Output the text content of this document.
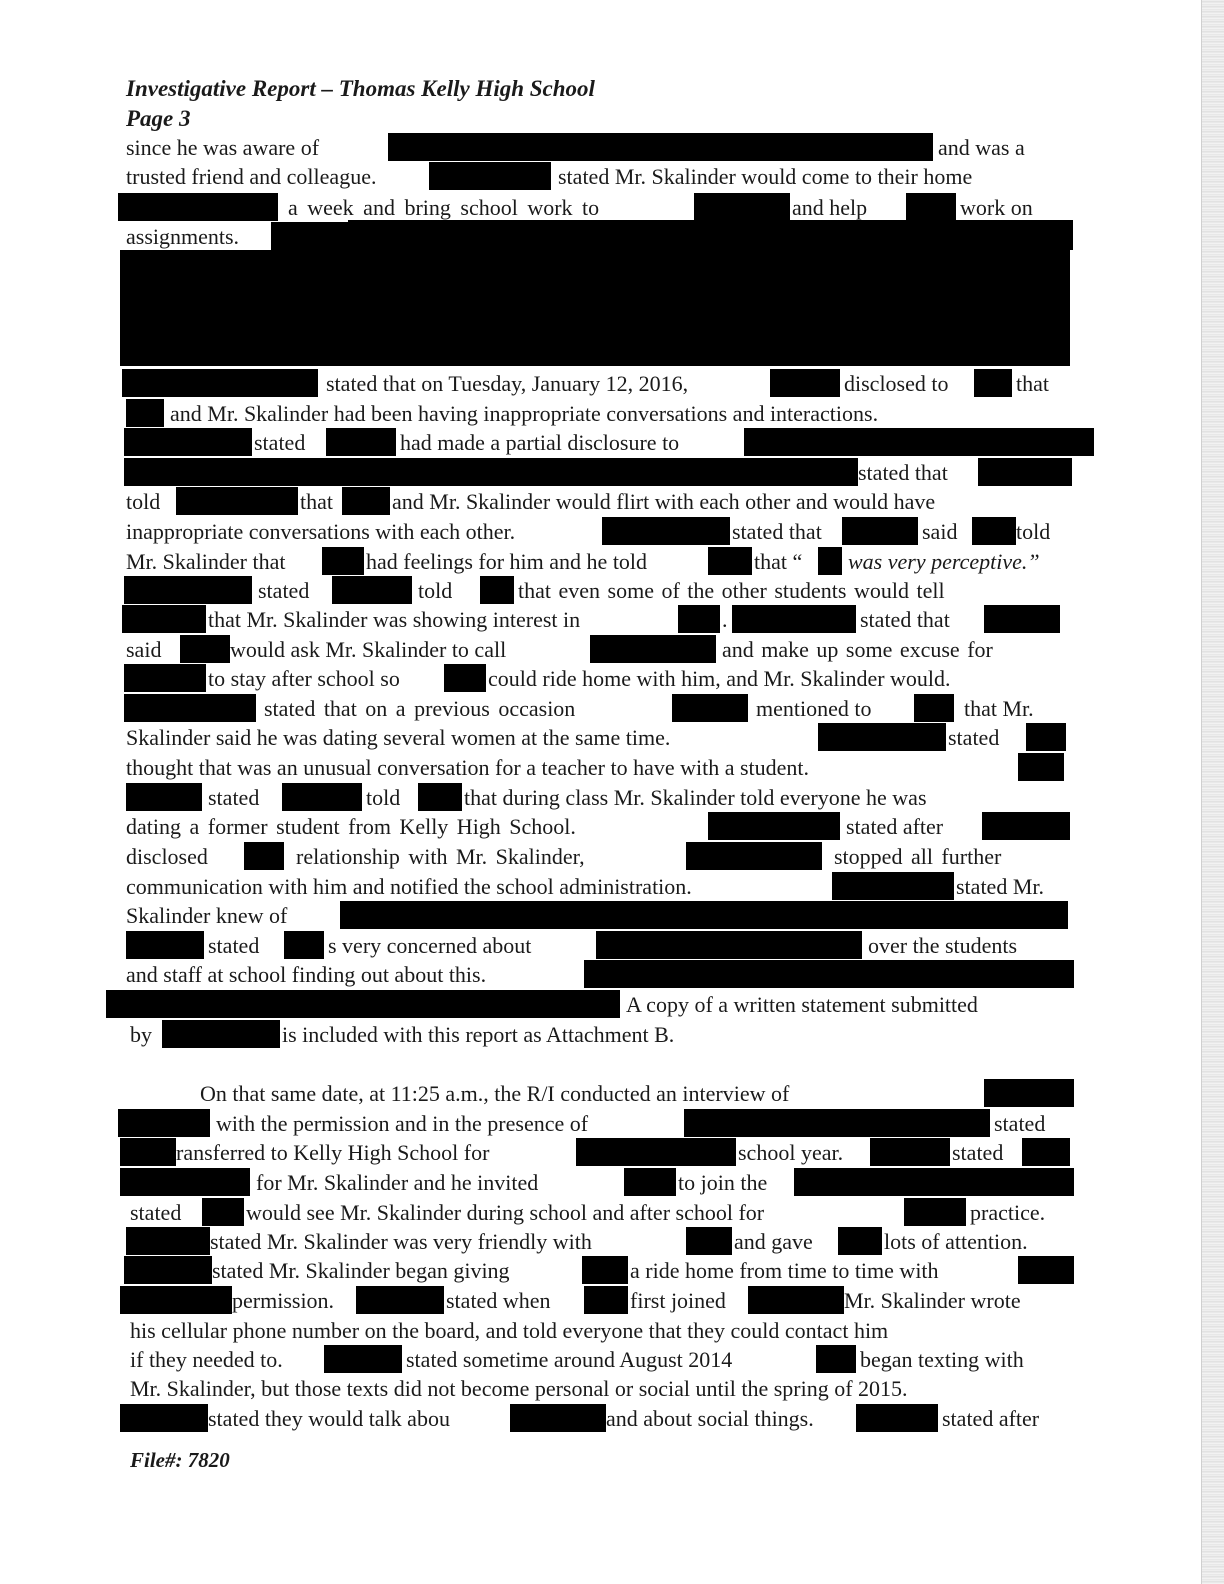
Investigative Report – Thomas Kelly High School
Page 3
since he was aware of	and was a
trusted friend and colleague.	stated Mr. Skalinder would come to their home
a week and bring school work to	and help	work on
assignments.
stated that on Tuesday, January 12, 2016,	disclosed to	that
and Mr. Skalinder had been having inappropriate conversations and interactions.
stated	had made a partial disclosure to
stated that
told	that	and Mr. Skalinder would flirt with each other and would have
inappropriate conversations with each other.	stated that	said	told
Mr. Skalinder that	had feelings for him and he told	that “ was very perceptive.”
stated	told	that even some of the other students would tell
that Mr. Skalinder was showing interest in	.	stated that
said	would ask Mr. Skalinder to call	and make up some excuse for
to stay after school so	could ride home with him, and Mr. Skalinder would.
stated that on a previous occasion	mentioned to	that Mr.
Skalinder said he was dating several women at the same time.	stated
thought that was an unusual conversation for a teacher to have with a student.
stated	told	that during class Mr. Skalinder told everyone he was
dating a former student from Kelly High School.	stated after
disclosed	relationship with Mr. Skalinder,	stopped all further
communication with him and notified the school administration.	stated Mr.
Skalinder knew of
stated	s very concerned about	over the students
and staff at school finding out about this.
A copy of a written statement submitted
by	is included with this report as Attachment B.
On that same date, at 11:25 a.m., the R/I conducted an interview of
with the permission and in the presence of	stated
ransferred to Kelly High School for	school year.	stated
for Mr. Skalinder and he invited	to join the
stated	would see Mr. Skalinder during school and after school for	practice.
stated Mr. Skalinder was very friendly with	and gave	lots of attention.
stated Mr. Skalinder began giving	a ride home from time to time with
permission.	stated when	first joined	Mr. Skalinder wrote
his cellular phone number on the board, and told everyone that they could contact him
if they needed to.	stated sometime around August 2014	began texting with
Mr. Skalinder, but those texts did not become personal or social until the spring of 2015.
stated they would talk abou	and about social things.	stated after
File#: 7820
